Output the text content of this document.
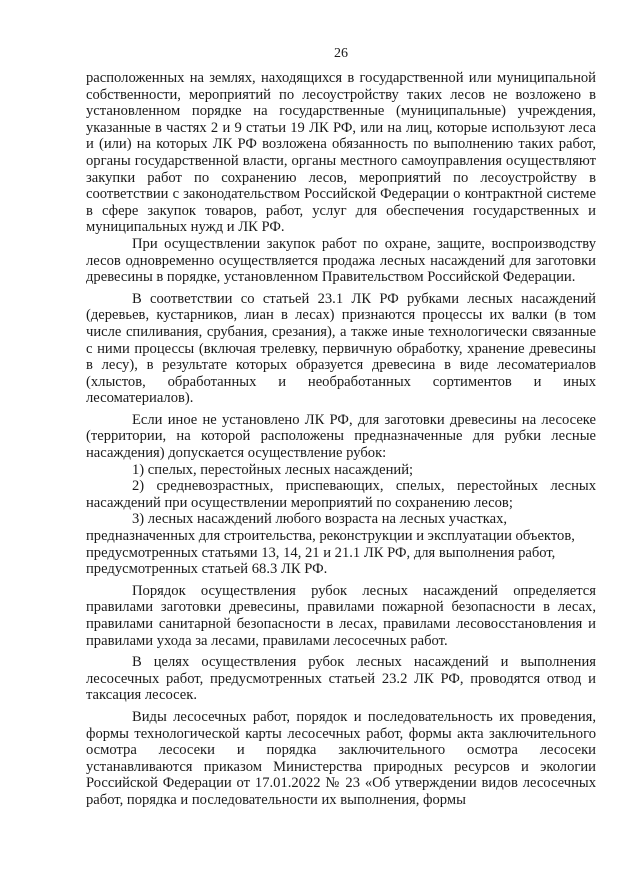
26

расположенных на землях, находящихся в государственной или муниципальной собственности, мероприятий по лесоустройству таких лесов не возложено в установленном порядке на государственные (муниципальные) учреждения, указанные в частях 2 и 9 статьи 19 ЛК РФ, или на лиц, которые используют леса и (или) на которых ЛК РФ возложена обязанность по выполнению таких работ, органы государственной власти, органы местного самоуправления осуществляют закупки работ по сохранению лесов, мероприятий по лесоустройству в соответствии с законодательством Российской Федерации о контрактной системе в сфере закупок товаров, работ, услуг для обеспечения государственных и муниципальных нужд и ЛК РФ.

При осуществлении закупок работ по охране, защите, воспроизводству лесов одновременно осуществляется продажа лесных насаждений для заготовки древесины в порядке, установленном Правительством Российской Федерации.

В соответствии со статьей 23.1 ЛК РФ рубками лесных насаждений (деревьев, кустарников, лиан в лесах) признаются процессы их валки (в том числе спиливания, срубания, срезания), а также иные технологически связанные с ними процессы (включая трелевку, первичную обработку, хранение древесины в лесу), в результате которых образуется древесина в виде лесоматериалов (хлыстов, обработанных и необработанных сортиментов и иных лесоматериалов).

Если иное не установлено ЛК РФ, для заготовки древесины на лесосеке (территории, на которой расположены предназначенные для рубки лесные насаждения) допускается осуществление рубок:

1) спелых, перестойных лесных насаждений;

2) средневозрастных, приспевающих, спелых, перестойных лесных насаждений при осуществлении мероприятий по сохранению лесов;

3) лесных насаждений любого возраста на лесных участках, предназначенных для строительства, реконструкции и эксплуатации объектов, предусмотренных статьями 13, 14, 21 и 21.1 ЛК РФ, для выполнения работ, предусмотренных статьей 68.3 ЛК РФ.

Порядок осуществления рубок лесных насаждений определяется правилами заготовки древесины, правилами пожарной безопасности в лесах, правилами санитарной безопасности в лесах, правилами лесовосстановления и правилами ухода за лесами, правилами лесосечных работ.

В целях осуществления рубок лесных насаждений и выполнения лесосечных работ, предусмотренных статьей 23.2 ЛК РФ, проводятся отвод и таксация лесосек.

Виды лесосечных работ, порядок и последовательность их проведения, формы технологической карты лесосечных работ, формы акта заключительного осмотра лесосеки и порядка заключительного осмотра лесосеки устанавливаются приказом Министерства природных ресурсов и экологии Российской Федерации от 17.01.2022 № 23 «Об утверждении видов лесосечных работ, порядка и последовательности их выполнения, формы
